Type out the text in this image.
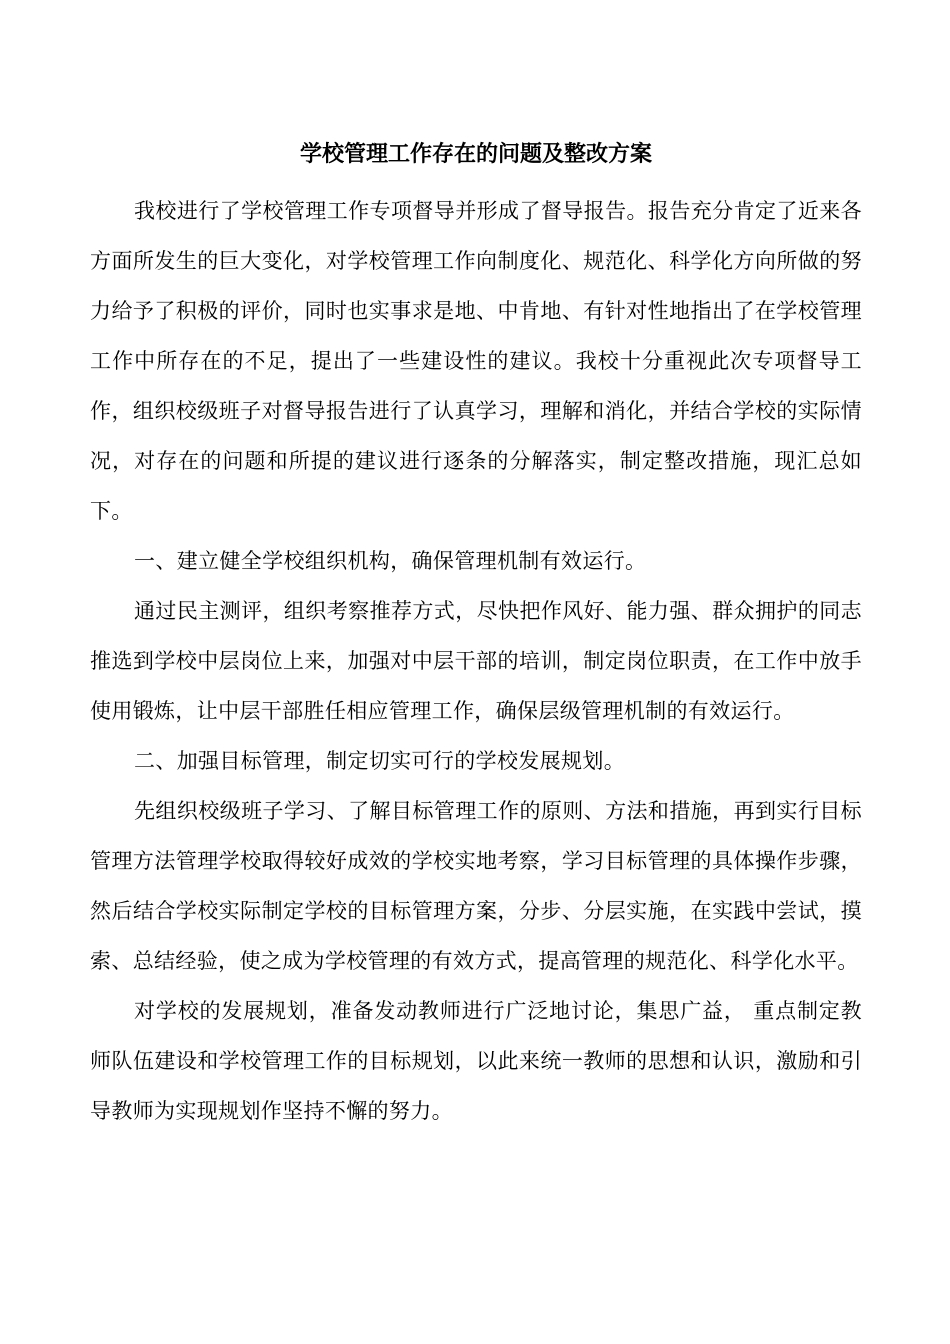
学校管理工作存在的问题及整改方案

我校进行了学校管理工作专项督导并形成了督导报告。报告充分肯定了近来各方面所发生的巨大变化，对学校管理工作向制度化、规范化、科学化方向所做的努力给予了积极的评价，同时也实事求是地、中肯地、有针对性地指出了在学校管理工作中所存在的不足，提出了一些建设性的建议。我校十分重视此次专项督导工作，组织校级班子对督导报告进行了认真学习，理解和消化，并结合学校的实际情况，对存在的问题和所提的建议进行逐条的分解落实，制定整改措施，现汇总如下。

一、建立健全学校组织机构，确保管理机制有效运行。

通过民主测评，组织考察推荐方式，尽快把作风好、能力强、群众拥护的同志推选到学校中层岗位上来，加强对中层干部的培训，制定岗位职责，在工作中放手使用锻炼，让中层干部胜任相应管理工作，确保层级管理机制的有效运行。

二、加强目标管理，制定切实可行的学校发展规划。

先组织校级班子学习、了解目标管理工作的原则、方法和措施，再到实行目标管理方法管理学校取得较好成效的学校实地考察，学习目标管理的具体操作步骤，然后结合学校实际制定学校的目标管理方案，分步、分层实施，在实践中尝试，摸索、总结经验，使之成为学校管理的有效方式，提高管理的规范化、科学化水平。

对学校的发展规划，准备发动教师进行广泛地讨论，集思广益， 重点制定教师队伍建设和学校管理工作的目标规划，以此来统一教师的思想和认识，激励和引导教师为实现规划作坚持不懈的努力。
